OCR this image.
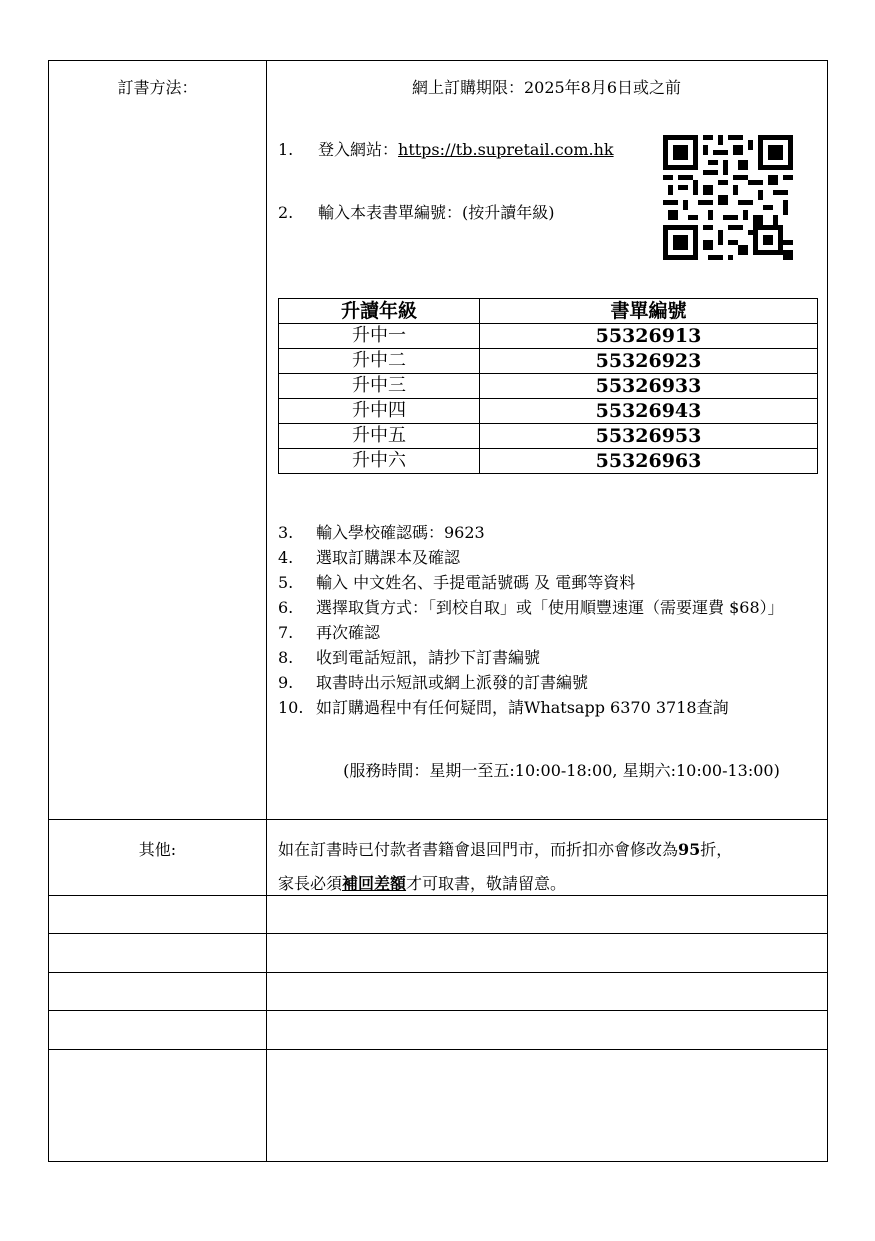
訂書方法：	網上訂購期限：2025年8月6日或之前
1. 登入網站：https://tb.supretail.com.hk
2. 輸入本表書單編號：(按升讀年級)
升讀年級	書單編號
升中一	55326913
升中二	55326923
升中三	55326933
升中四	55326943
升中五	55326953
升中六	55326963
3.	輸入學校確認碼：9623
4.	選取訂購課本及確認
5.	輸入 中文姓名、手提電話號碼 及 電郵等資料
6.	選擇取貨方式：「到校自取」或「使用順豐速運（需要運費 $68）」
7.	再次確認
8.	收到電話短訊，請抄下訂書編號
9.	取書時出示短訊或網上派發的訂書編號
10. 如訂購過程中有任何疑問，請Whatsapp 6370 3718查詢
(服務時間：星期一至五:10:00-18:00, 星期六:10:00-13:00)
其他:	如在訂書時已付款者書籍會退回門市，而折扣亦會修改為95折，
家長必須補回差額才可取書，敬請留意。
